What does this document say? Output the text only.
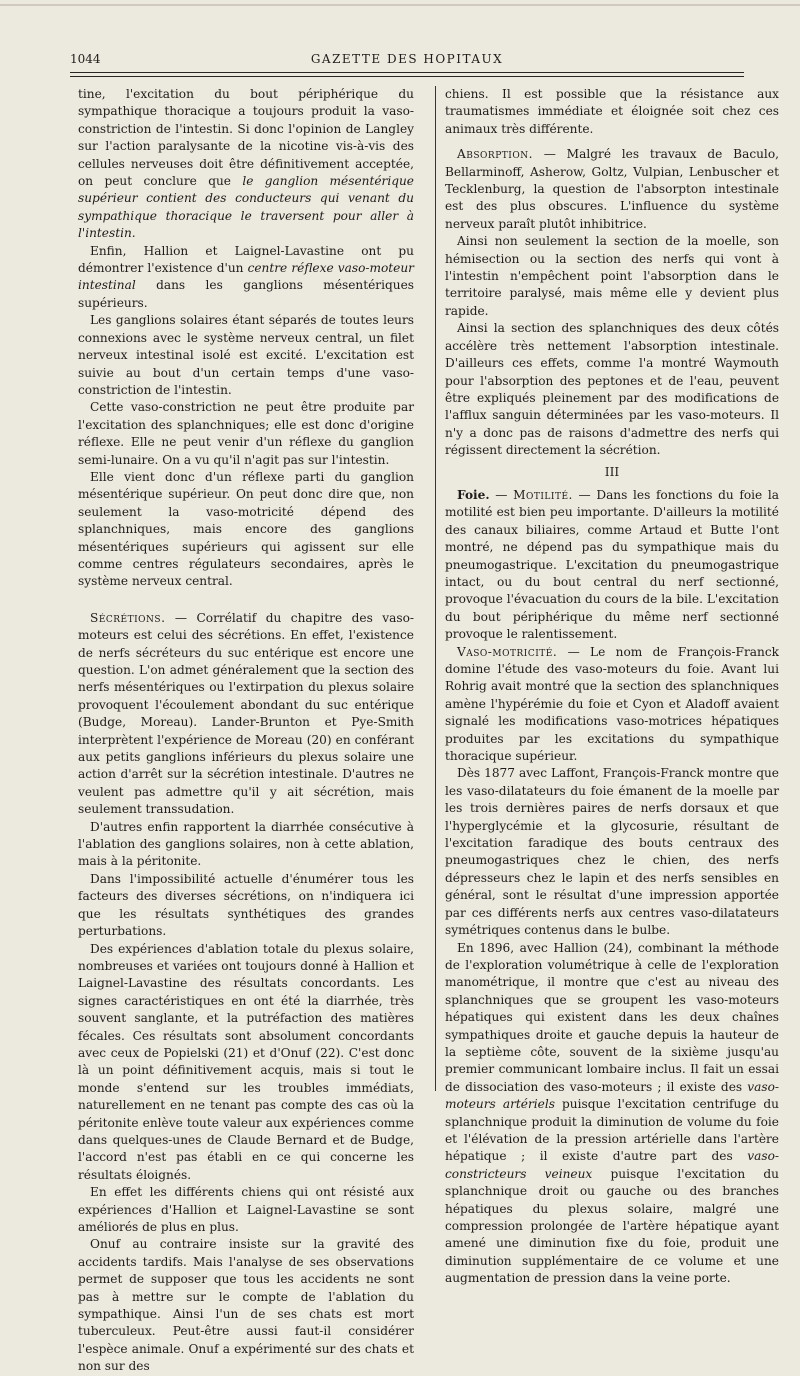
1044	GAZETTE DES HOPITAUX

tine, l'excitation du bout périphérique du sympathique thoracique a toujours produit la vaso-constriction de l'intestin. Si donc l'opinion de Langley sur l'action paralysante de la nicotine vis-à-vis des cellules nerveuses doit être définitivement acceptée, on peut conclure que le ganglion mésentérique supérieur contient des conducteurs qui venant du sympathique thoracique le traversent pour aller à l'intestin.

Enfin, Hallion et Laignel-Lavastine ont pu démontrer l'existence d'un centre réflexe vaso-moteur intestinal dans les ganglions mésentériques supérieurs.

Les ganglions solaires étant séparés de toutes leurs connexions avec le système nerveux central, un filet nerveux intestinal isolé est excité. L'excitation est suivie au bout d'un certain temps d'une vaso-constriction de l'intestin.

Cette vaso-constriction ne peut être produite par l'excitation des splanchniques; elle est donc d'origine réflexe. Elle ne peut venir d'un réflexe du ganglion semi-lunaire. On a vu qu'il n'agit pas sur l'intestin.

Elle vient donc d'un réflexe parti du ganglion mésentérique supérieur. On peut donc dire que, non seulement la vaso-motricité dépend des splanchniques, mais encore des ganglions mésentériques supérieurs qui agissent sur elle comme centres régulateurs secondaires, après le système nerveux central.

Sécrétions. — Corrélatif du chapitre des vaso-moteurs est celui des sécrétions. En effet, l'existence de nerfs sécréteurs du suc entérique est encore une question. L'on admet généralement que la section des nerfs mésentériques ou l'extirpation du plexus solaire provoquent l'écoulement abondant du suc entérique (Budge, Moreau). Lander-Brunton et Pye-Smith interprètent l'expérience de Moreau (20) en conférant aux petits ganglions inférieurs du plexus solaire une action d'arrêt sur la sécrétion intestinale. D'autres ne veulent pas admettre qu'il y ait sécrétion, mais seulement transsudation.

D'autres enfin rapportent la diarrhée consécutive à l'ablation des ganglions solaires, non à cette ablation, mais à la péritonite.

Dans l'impossibilité actuelle d'énumérer tous les facteurs des diverses sécrétions, on n'indiquera ici que les résultats synthétiques des grandes perturbations.

Des expériences d'ablation totale du plexus solaire, nombreuses et variées ont toujours donné à Hallion et Laignel-Lavastine des résultats concordants. Les signes caractéristiques en ont été la diarrhée, très souvent sanglante, et la putréfaction des matières fécales. Ces résultats sont absolument concordants avec ceux de Popielski (21) et d'Onuf (22). C'est donc là un point définitivement acquis, mais si tout le monde s'entend sur les troubles immédiats, naturellement en ne tenant pas compte des cas où la péritonite enlève toute valeur aux expériences comme dans quelques-unes de Claude Bernard et de Budge, l'accord n'est pas établi en ce qui concerne les résultats éloignés.

En effet les différents chiens qui ont résisté aux expériences d'Hallion et Laignel-Lavastine se sont améliorés de plus en plus.

Onuf au contraire insiste sur la gravité des accidents tardifs. Mais l'analyse de ses observations permet de supposer que tous les accidents ne sont pas à mettre sur le compte de l'ablation du sympathique. Ainsi l'un de ses chats est mort tuberculeux. Peut-être aussi faut-il considérer l'espèce animale. Onuf a expérimenté sur des chats et non sur des

chiens. Il est possible que la résistance aux traumatismes immédiate et éloignée soit chez ces animaux très différente.

Absorption. — Malgré les travaux de Baculo, Bellarminoff, Asherow, Goltz, Vulpian, Lenbuscher et Tecklenburg, la question de l'absorpton intestinale est des plus obscures. L'influence du système nerveux paraît plutôt inhibitrice.

Ainsi non seulement la section de la moelle, son hémisection ou la section des nerfs qui vont à l'intestin n'empêchent point l'absorption dans le territoire paralysé, mais même elle y devient plus rapide.

Ainsi la section des splanchniques des deux côtés accélère très nettement l'absorption intestinale. D'ailleurs ces effets, comme l'a montré Waymouth pour l'absorption des peptones et de l'eau, peuvent être expliqués pleinement par des modifications de l'afflux sanguin déterminées par les vaso-moteurs. Il n'y a donc pas de raisons d'admettre des nerfs qui régissent directement la sécrétion.

III

Foie. — Motilité. — Dans les fonctions du foie la motilité est bien peu importante. D'ailleurs la motilité des canaux biliaires, comme Artaud et Butte l'ont montré, ne dépend pas du sympathique mais du pneumogastrique. L'excitation du pneumogastrique intact, ou du bout central du nerf sectionné, provoque l'évacuation du cours de la bile. L'excitation du bout périphérique du même nerf sectionné provoque le ralentissement.

Vaso-motricité. — Le nom de François-Franck domine l'étude des vaso-moteurs du foie. Avant lui Rohrig avait montré que la section des splanchniques amène l'hypérémie du foie et Cyon et Aladoff avaient signalé les modifications vaso-motrices hépatiques produites par les excitations du sympathique thoracique supérieur.

Dès 1877 avec Laffont, François-Franck montre que les vaso-dilatateurs du foie émanent de la moelle par les trois dernières paires de nerfs dorsaux et que l'hyperglycémie et la glycosurie, résultant de l'excitation faradique des bouts centraux des pneumogastriques chez le chien, des nerfs dépresseurs chez le lapin et des nerfs sensibles en général, sont le résultat d'une impression apportée par ces différents nerfs aux centres vaso-dilatateurs symétriques contenus dans le bulbe.

En 1896, avec Hallion (24), combinant la méthode de l'exploration volumétrique à celle de l'exploration manométrique, il montre que c'est au niveau des splanchniques que se groupent les vaso-moteurs hépatiques qui existent dans les deux chaînes sympathiques droite et gauche depuis la hauteur de la septième côte, souvent de la sixième jusqu'au premier communicant lombaire inclus. Il fait un essai de dissociation des vaso-moteurs ; il existe des vaso-moteurs artériels puisque l'excitation centrifuge du splanchnique produit la diminution de volume du foie et l'élévation de la pression artérielle dans l'artère hépatique ; il existe d'autre part des vaso-constricteurs veineux puisque l'excitation du splanchnique droit ou gauche ou des branches hépatiques du plexus solaire, malgré une compression prolongée de l'artère hépatique ayant amené une diminution fixe du foie, produit une diminution supplémentaire de ce volume et une augmentation de pression dans la veine porte.
